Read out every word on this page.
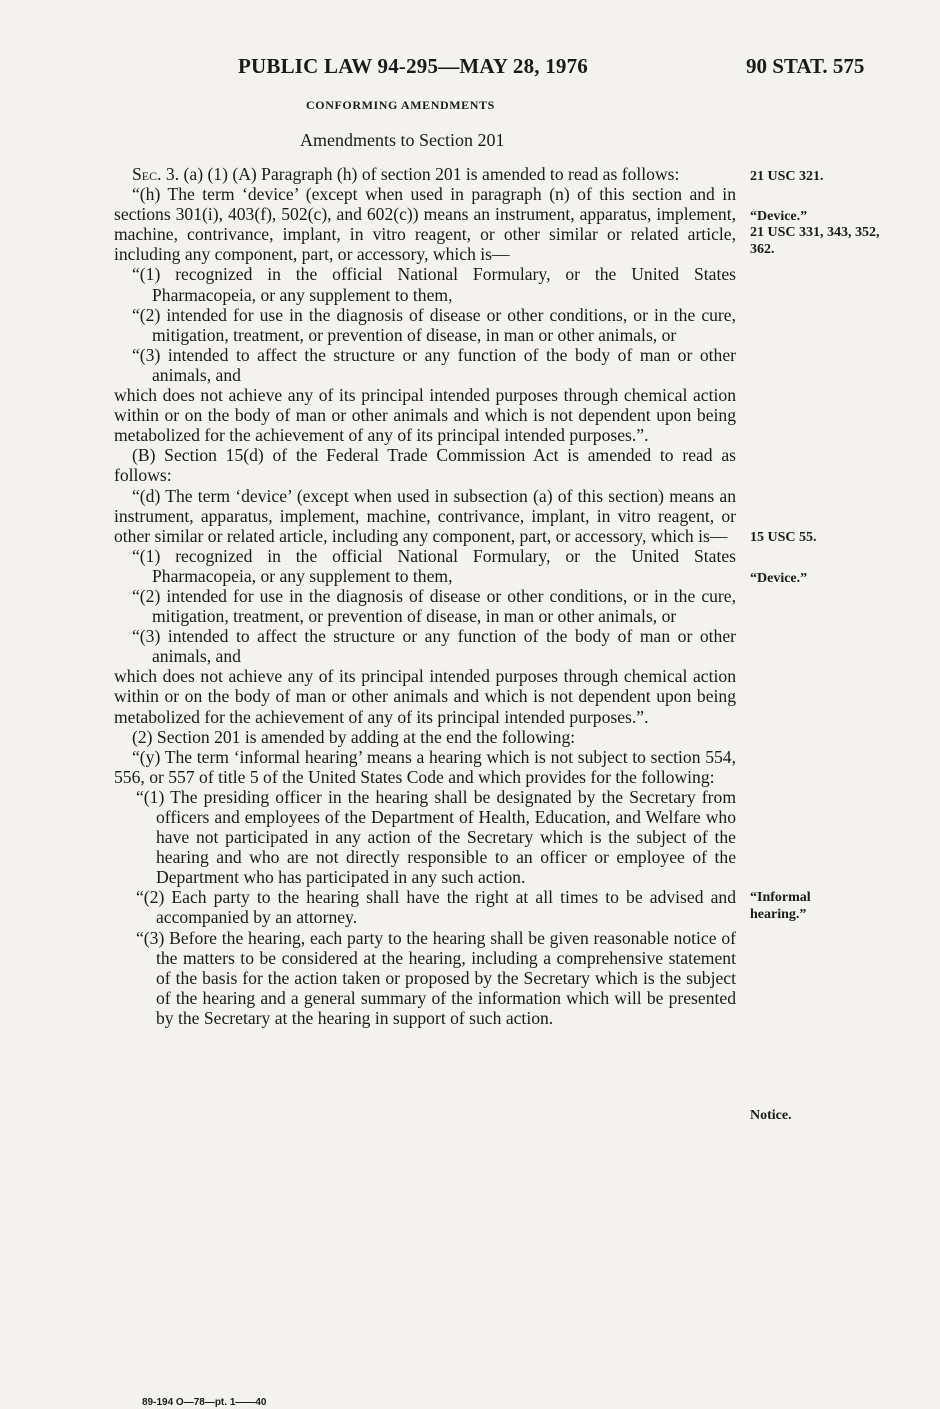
PUBLIC LAW 94-295—MAY 28, 1976	90 STAT. 575
CONFORMING AMENDMENTS
Amendments to Section 201

Sec. 3. (a) (1) (A) Paragraph (h) of section 201 is amended to read as follows:

“(h) The term ‘device’ (except when used in paragraph (n) of this section and in sections 301(i), 403(f), 502(c), and 602(c)) means an instrument, apparatus, implement, machine, contrivance, implant, in vitro reagent, or other similar or related article, including any component, part, or accessory, which is—

“(1) recognized in the official National Formulary, or the United States Pharmacopeia, or any supplement to them,

“(2) intended for use in the diagnosis of disease or other conditions, or in the cure, mitigation, treatment, or prevention of disease, in man or other animals, or

“(3) intended to affect the structure or any function of the body of man or other animals, and

which does not achieve any of its principal intended purposes through chemical action within or on the body of man or other animals and which is not dependent upon being metabolized for the achievement of any of its principal intended purposes.”.

(B) Section 15(d) of the Federal Trade Commission Act is amended to read as follows:

“(d) The term ‘device’ (except when used in subsection (a) of this section) means an instrument, apparatus, implement, machine, contrivance, implant, in vitro reagent, or other similar or related article, including any component, part, or accessory, which is—

“(1) recognized in the official National Formulary, or the United States Pharmacopeia, or any supplement to them,

“(2) intended for use in the diagnosis of disease or other conditions, or in the cure, mitigation, treatment, or prevention of disease, in man or other animals, or

“(3) intended to affect the structure or any function of the body of man or other animals, and

which does not achieve any of its principal intended purposes through chemical action within or on the body of man or other animals and which is not dependent upon being metabolized for the achievement of any of its principal intended purposes.”.

(2) Section 201 is amended by adding at the end the following:

“(y) The term ‘informal hearing’ means a hearing which is not subject to section 554, 556, or 557 of title 5 of the United States Code and which provides for the following:

“(1) The presiding officer in the hearing shall be designated by the Secretary from officers and employees of the Department of Health, Education, and Welfare who have not participated in any action of the Secretary which is the subject of the hearing and who are not directly responsible to an officer or employee of the Department who has participated in any such action.

“(2) Each party to the hearing shall have the right at all times to be advised and accompanied by an attorney.

“(3) Before the hearing, each party to the hearing shall be given reasonable notice of the matters to be considered at the hearing, including a comprehensive statement of the basis for the action taken or proposed by the Secretary which is the subject of the hearing and a general summary of the information which will be presented by the Secretary at the hearing in support of such action.

21 USC 321.
“Device.”
21 USC 331, 343, 352, 362.
15 USC 55.
“Device.”
“Informal hearing.”
Notice.
89-194 O—78—pt. 1——40
